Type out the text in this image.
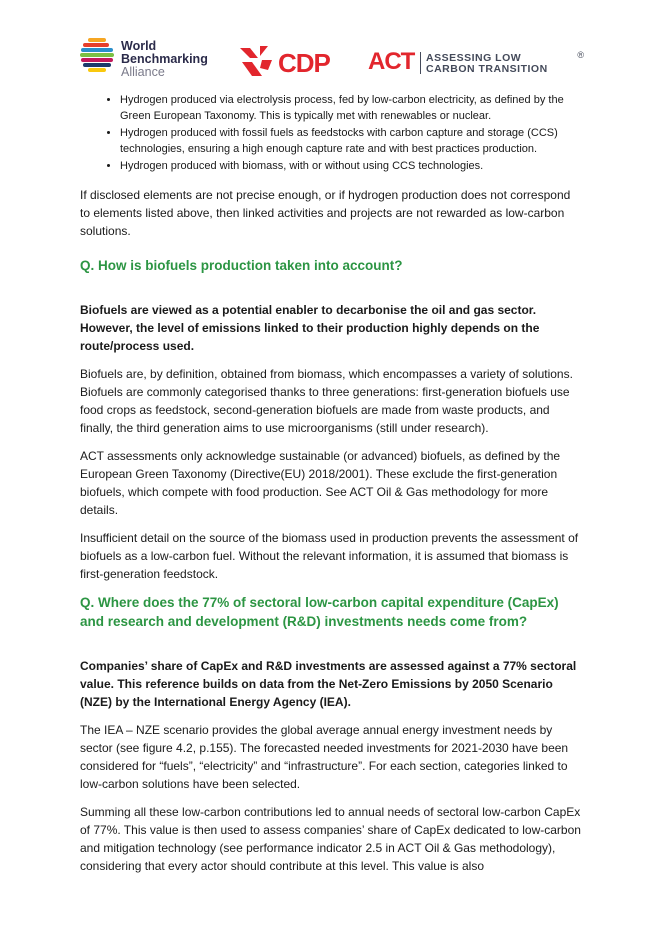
World
Benchmarking
Alliance	CDP ACT ASSESSING LOW
CARBON TRANSITION
®
• Hydrogen produced via electrolysis process, fed by low-carbon electricity, as defined by the Green European Taxonomy. This is typically met with renewables or nuclear.
• Hydrogen produced with fossil fuels as feedstocks with carbon capture and storage (CCS) technologies, ensuring a high enough capture rate and with best practices production.
• Hydrogen produced with biomass, with or without using CCS technologies.

If disclosed elements are not precise enough, or if hydrogen production does not correspond to elements listed above, then linked activities and projects are not rewarded as low-carbon solutions.

Q. How is biofuels production taken into account?

Biofuels are viewed as a potential enabler to decarbonise the oil and gas sector. However, the level of emissions linked to their production highly depends on the route/process used.

Biofuels are, by definition, obtained from biomass, which encompasses a variety of solutions. Biofuels are commonly categorised thanks to three generations: first-generation biofuels use food crops as feedstock, second-generation biofuels are made from waste products, and finally, the third generation aims to use microorganisms (still under research).

ACT assessments only acknowledge sustainable (or advanced) biofuels, as defined by the European Green Taxonomy (Directive(EU) 2018/2001). These exclude the first-generation biofuels, which compete with food production. See ACT Oil & Gas methodology for more details.

Insufficient detail on the source of the biomass used in production prevents the assessment of biofuels as a low-carbon fuel. Without the relevant information, it is assumed that biomass is first-generation feedstock.

Q. Where does the 77% of sectoral low-carbon capital expenditure (CapEx) and research and development (R&D) investments needs come from?

Companies’ share of CapEx and R&D investments are assessed against a 77% sectoral value. This reference builds on data from the Net-Zero Emissions by 2050 Scenario (NZE) by the International Energy Agency (IEA).

The IEA – NZE scenario provides the global average annual energy investment needs by sector (see figure 4.2, p.155). The forecasted needed investments for 2021-2030 have been considered for “fuels”, “electricity” and “infrastructure”. For each section, categories linked to low-carbon solutions have been selected.

Summing all these low-carbon contributions led to annual needs of sectoral low-carbon CapEx of 77%. This value is then used to assess companies’ share of CapEx dedicated to low-carbon and mitigation technology (see performance indicator 2.5 in ACT Oil & Gas methodology), considering that every actor should contribute at this level. This value is also
